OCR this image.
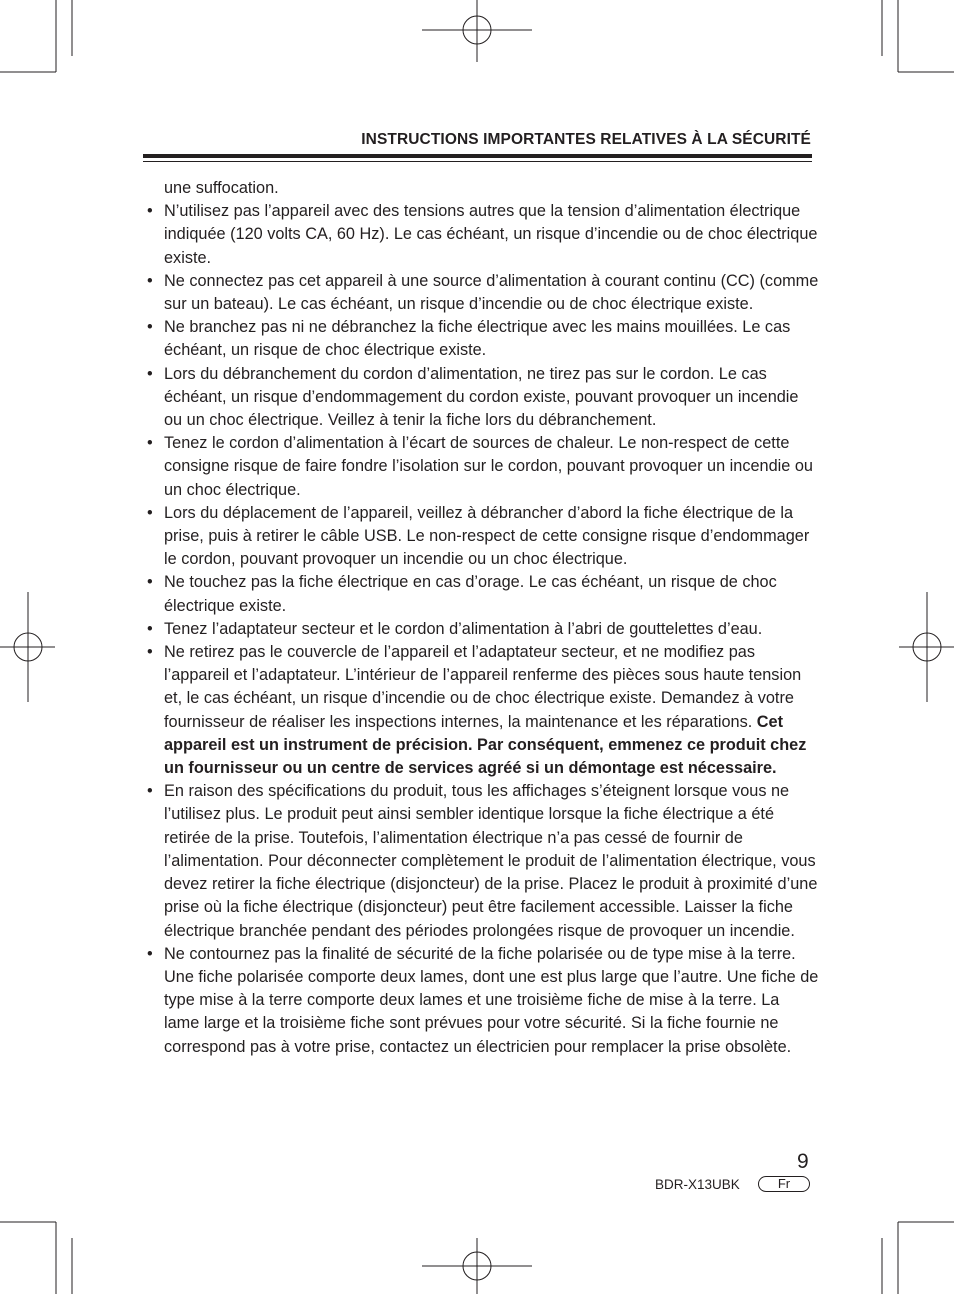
INSTRUCTIONS IMPORTANTES RELATIVES À LA SÉCURITÉ

une suffocation.

• N’utilisez pas l’appareil avec des tensions autres que la tension d’alimentation électrique indiquée (120 volts CA, 60 Hz). Le cas échéant, un risque d’incendie ou de choc électrique existe.

• Ne connectez pas cet appareil à une source d’alimentation à courant continu (CC) (comme sur un bateau). Le cas échéant, un risque d’incendie ou de choc électrique existe.

• Ne branchez pas ni ne débranchez la fiche électrique avec les mains mouillées. Le cas échéant, un risque de choc électrique existe.

• Lors du débranchement du cordon d’alimentation, ne tirez pas sur le cordon. Le cas échéant, un risque d’endommagement du cordon existe, pouvant provoquer un incendie ou un choc électrique. Veillez à tenir la fiche lors du débranchement.

• Tenez le cordon d’alimentation à l’écart de sources de chaleur. Le non-respect de cette consigne risque de faire fondre l’isolation sur le cordon, pouvant provoquer un incendie ou un choc électrique.

• Lors du déplacement de l’appareil, veillez à débrancher d’abord la fiche électrique de la prise, puis à retirer le câble USB. Le non-respect de cette consigne risque d’endommager le cordon, pouvant provoquer un incendie ou un choc électrique.

• Ne touchez pas la fiche électrique en cas d’orage. Le cas échéant, un risque de choc électrique existe.

• Tenez l’adaptateur secteur et le cordon d’alimentation à l’abri de gouttelettes d’eau.

• Ne retirez pas le couvercle de l’appareil et l’adaptateur secteur, et ne modifiez pas l’appareil et l’adaptateur. L’intérieur de l’appareil renferme des pièces sous haute tension et, le cas échéant, un risque d’incendie ou de choc électrique existe. Demandez à votre fournisseur de réaliser les inspections internes, la maintenance et les réparations. Cet appareil est un instrument de précision. Par conséquent, emmenez ce produit chez un fournisseur ou un centre de services agréé si un démontage est nécessaire.

• En raison des spécifications du produit, tous les affichages s’éteignent lorsque vous ne l’utilisez plus. Le produit peut ainsi sembler identique lorsque la fiche électrique a été retirée de la prise. Toutefois, l’alimentation électrique n’a pas cessé de fournir de l’alimentation. Pour déconnecter complètement le produit de l’alimentation électrique, vous devez retirer la fiche électrique (disjoncteur) de la prise. Placez le produit à proximité d’une prise où la fiche électrique (disjoncteur) peut être facilement accessible. Laisser la fiche électrique branchée pendant des périodes prolongées risque de provoquer un incendie.

• Ne contournez pas la finalité de sécurité de la fiche polarisée ou de type mise à la terre. Une fiche polarisée comporte deux lames, dont une est plus large que l’autre. Une fiche de type mise à la terre comporte deux lames et une troisième fiche de mise à la terre. La lame large et la troisième fiche sont prévues pour votre sécurité. Si la fiche fournie ne correspond pas à votre prise, contactez un électricien pour remplacer la prise obsolète.

9
BDR-X13UBK	Fr
